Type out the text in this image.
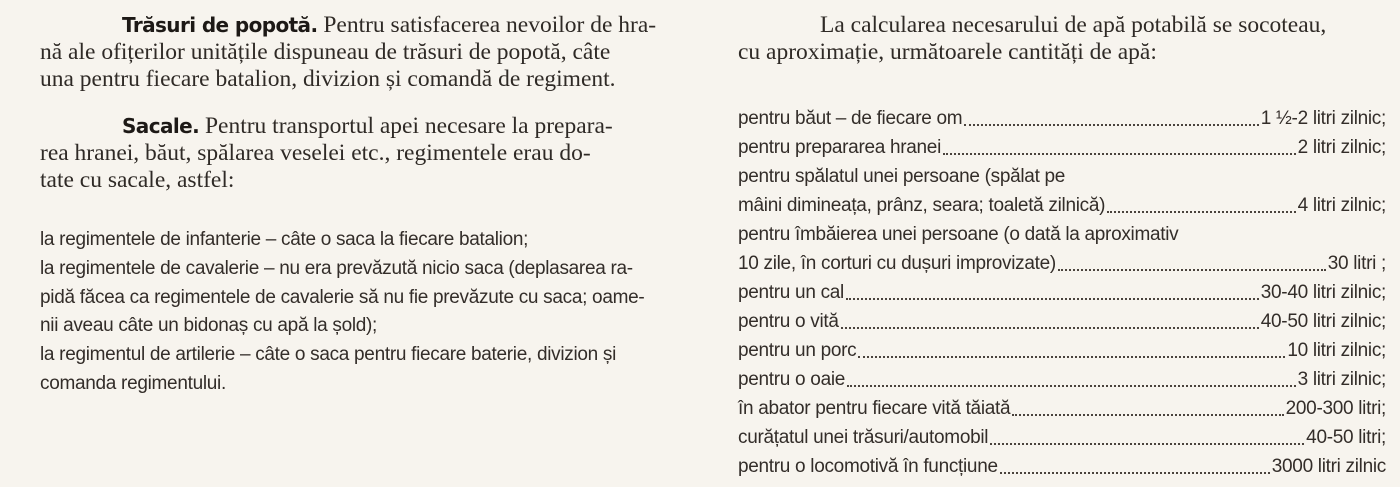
Trăsuri de popotă. Pentru satisfacerea nevoilor de hra-
nă ale ofițerilor unitățile dispuneau de trăsuri de popotă, câte
una pentru fiecare batalion, divizion și comandă de regiment.
Sacale. Pentru transportul apei necesare la prepara-
rea hranei, băut, spălarea veselei etc., regimentele erau do-
tate cu sacale, astfel:
la regimentele de infanterie – câte o saca la fiecare batalion;
la regimentele de cavalerie – nu era prevăzută nicio saca (deplasarea ra-
pidă făcea ca regimentele de cavalerie să nu fie prevăzute cu saca; oame-
nii aveau câte un bidonaș cu apă la șold);
la regimentul de artilerie – câte o saca pentru fiecare baterie, divizion și
comanda regimentului.
La calcularea necesarului de apă potabilă se socoteau,
cu aproximație, următoarele cantități de apă:
pentru băut – de fiecare om	1 ½-2 litri zilnic;
pentru prepararea hranei	2 litri zilnic;
pentru spălatul unei persoane (spălat pe
mâini dimineața, prânz, seara; toaletă zilnică)	4 litri zilnic;
pentru îmbăierea unei persoane (o dată la aproximativ
10 zile, în corturi cu dușuri improvizate)	30 litri ;
pentru un cal	30-40 litri zilnic;
pentru o vită	40-50 litri zilnic;
pentru un porc	10 litri zilnic;
pentru o oaie	3 litri zilnic;
în abator pentru fiecare vită tăiată	200-300 litri;
curățatul unei trăsuri/automobil	40-50 litri;
pentru o locomotivă în funcțiune	3000 litri zilnic
